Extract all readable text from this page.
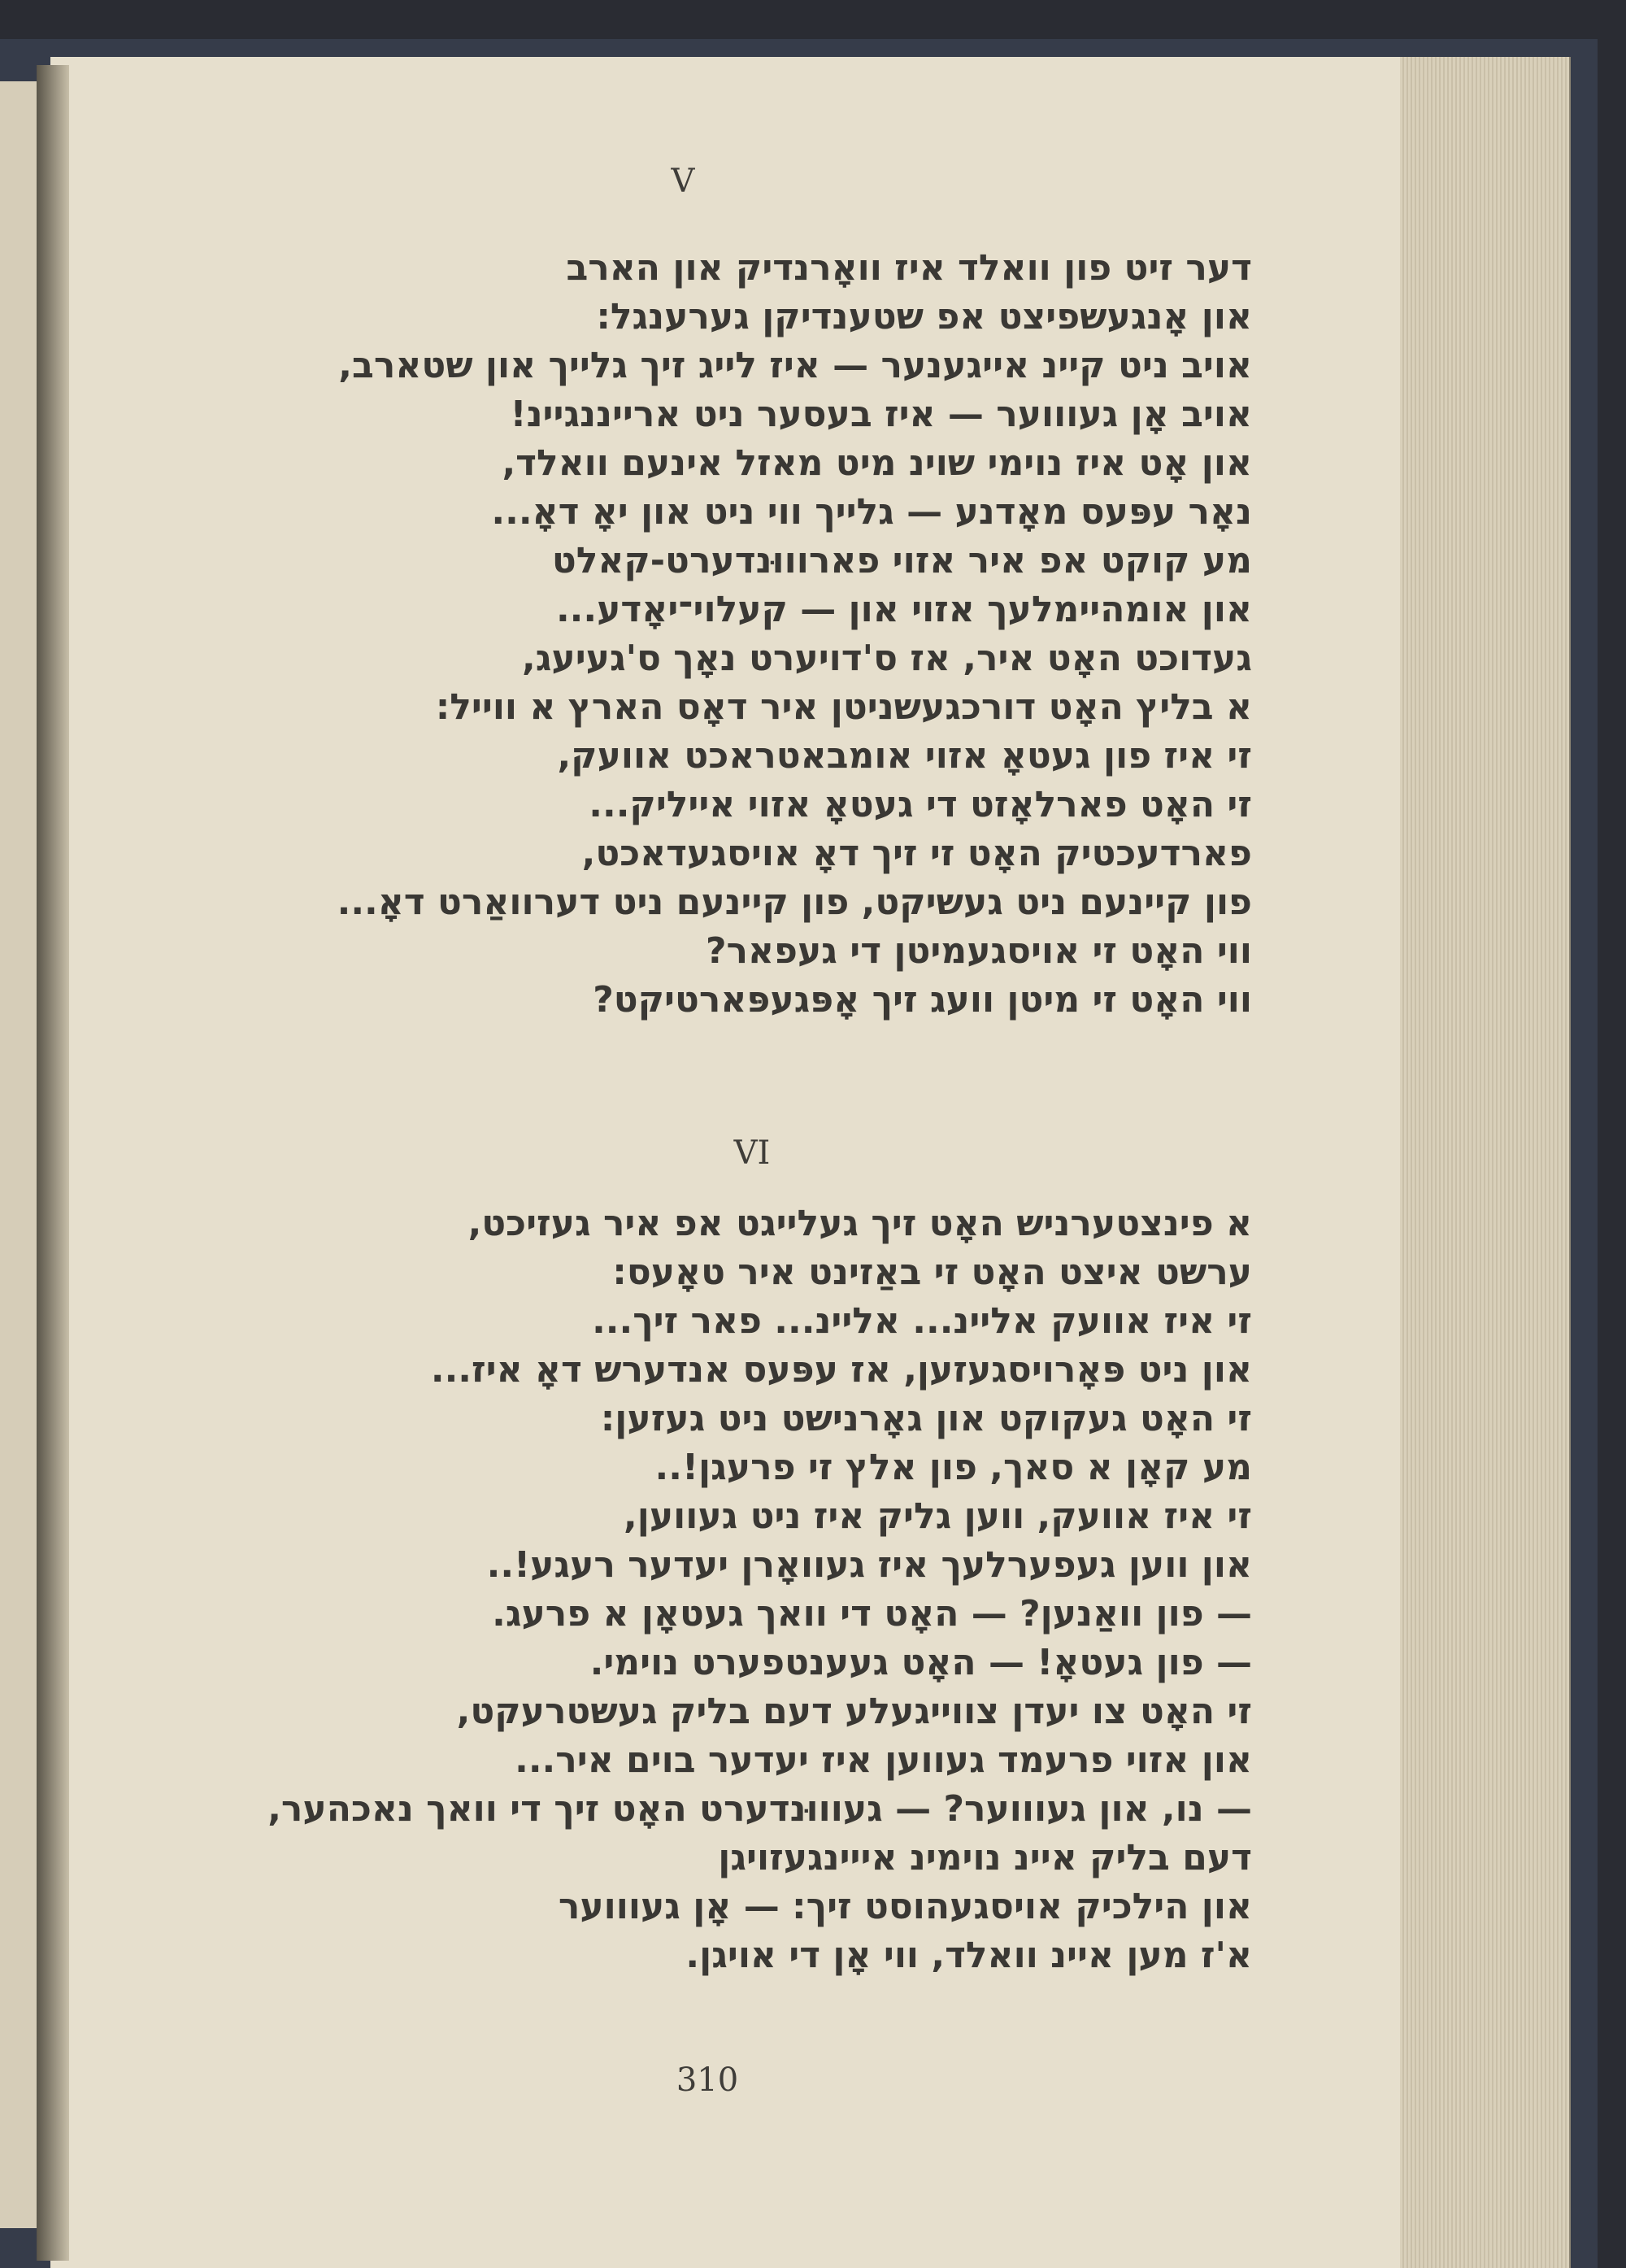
V
דער זיט פון וואלד איז וואָרנדיק און הארב
און אָנגעשפיצט אפ שטענדיקן גערענגל:
אויב ניט קיינ אייגענער — איז לייג זיך גלייך און שטארב,
אויב אָן געוווער — איז בעסער ניט ארייננגיינ!
און אָט איז נוימי שוינ מיט מאזל אינעם וואלד,
נאָר עפּעס מאָדנע — גלייך ווי ניט און יאָ דאָ...
מע קוקט אפ איר אזוי פארוווּנדערט-קאלט
און אומהיימלעך אזוי און — קעלוי־יאָדע...
געדוכט האָט איר, אז ס'דויערט נאָך ס'געיעג,
א בליץ האָט דורכגעשניטן איר דאָס הארץ א ווייל:
זי איז פון געטאָ אזוי אומבאטראכט אוועק,
זי האָט פארלאָזט די געטאָ אזוי אייליק...
פארדעכטיק האָט זי זיך דאָ אויסגעדאכט,
פון קיינעם ניט געשיקט, פון קיינעם ניט דערוואַרט דאָ...
ווי האָט זי אויסגעמיטן די געפאר?
ווי האָט זי מיטן וועג זיך אָפּגעפּארטיקט?
VI
א פינצטערניש האָט זיך געלייגט אפ איר געזיכט,
ערשט איצט האָט זי באַזינט איר טאָעס:
זי איז אוועק אליינ... אליינ... פאר זיך...
און ניט פּאָרויסגעזען, אז עפּעס אנדערש דאָ איז...
זי האָט געקוקט און גאָרנישט ניט געזען:
מע קאָן א סאך, פון אלץ זי פרעגן!..
זי איז אוועק, ווען גליק איז ניט געווען,
און ווען געפערלעך איז געוואָרן יעדער רעגע!..
— פון וואַנען? — האָט די וואך געטאָן א פרעג.
— פון געטאָ! — האָט געענטפערט נוימי.
זי האָט צו יעדן צווייגעלע דעם בליק געשטרעקט,
און אזוי פרעמד געווען איז יעדער בוים איר...
— נו, און געוווער? — געוווּנדערט האָט זיך די וואך נאכהער,
דעם בליק איינ נוימינ אייינגעזויגן
און הילכיק אויסגעהוסט זיך: — אָן געוווער
א'ז מען איינ וואלד, ווי אָן די אויגן.
310
